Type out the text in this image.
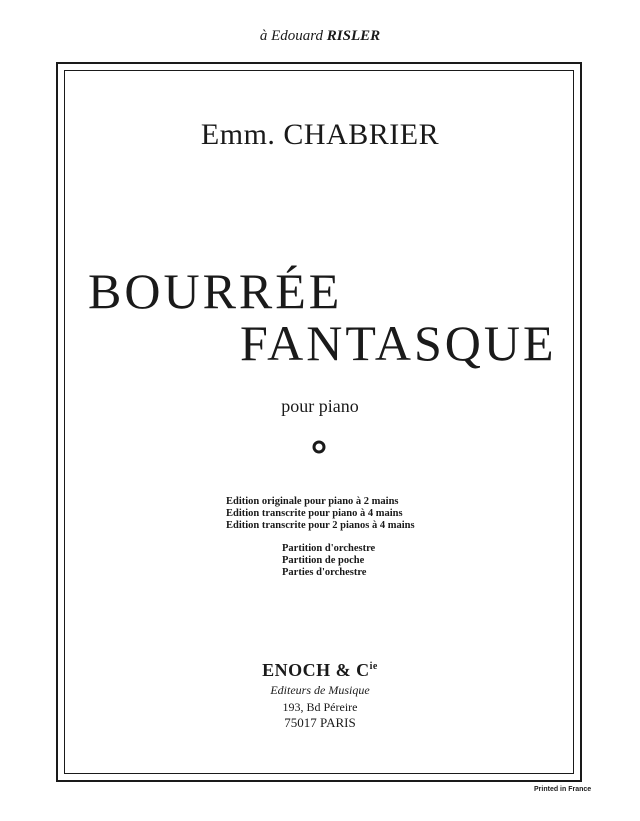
à Edouard RISLER
Emm. CHABRIER
BOURRÉE
FANTASQUE
pour piano
Edition originale pour piano à 2 mains
Edition transcrite pour piano à 4 mains
Edition transcrite pour 2 pianos à 4 mains
Partition d'orchestre
Partition de poche
Parties d'orchestre
ENOCH & $C^{ie}$
Editeurs de Musique
193, Bd Péreire
75017 PARIS
Printed in France
